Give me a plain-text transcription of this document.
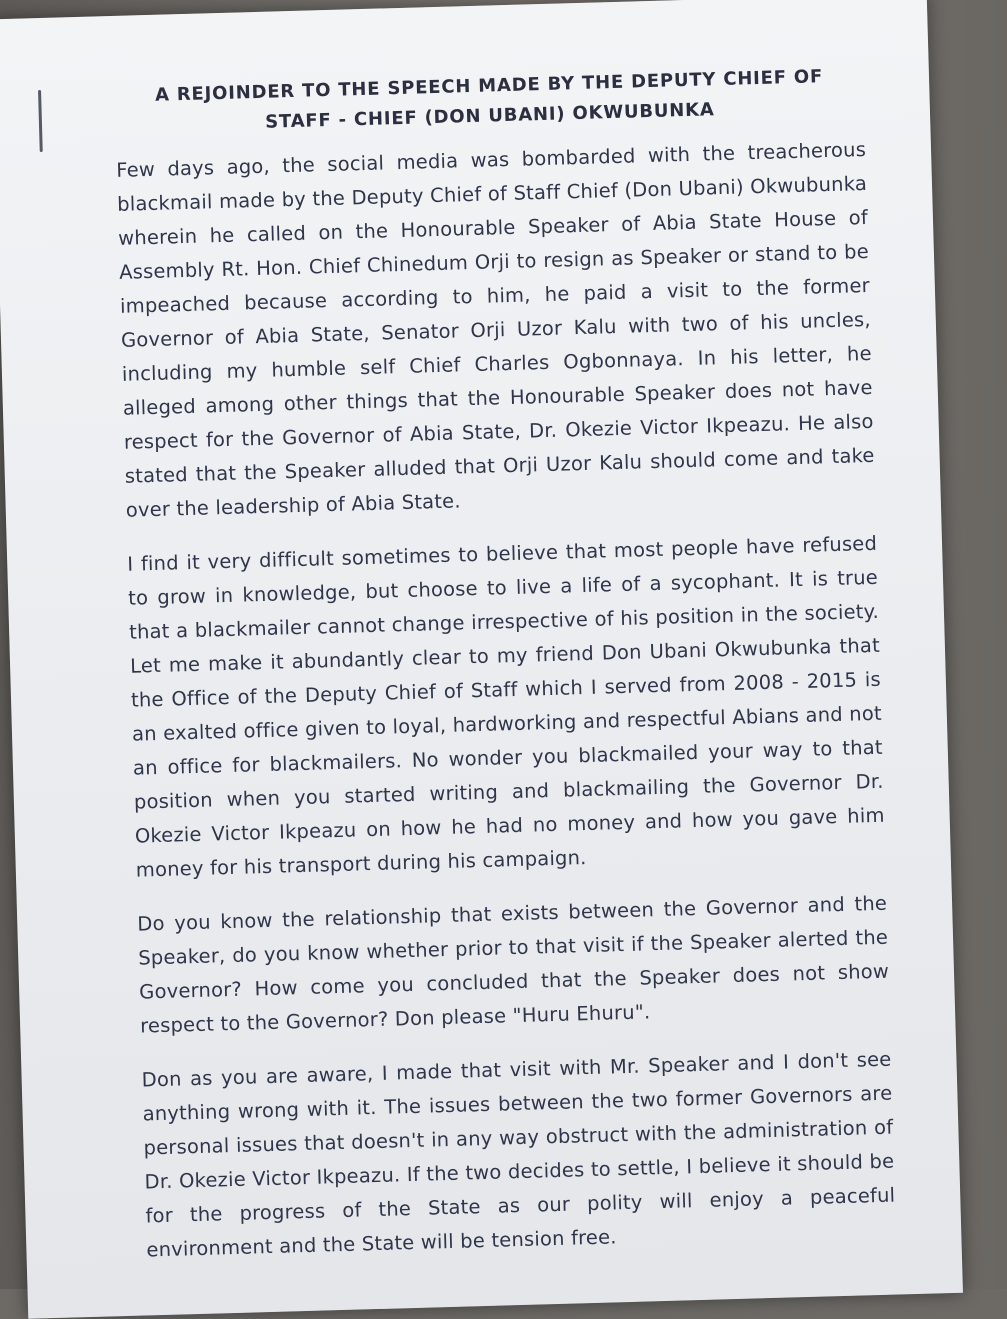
A REJOINDER TO THE SPEECH MADE BY THE DEPUTY CHIEF OF STAFF - CHIEF (DON UBANI) OKWUBUNKA

Few days ago, the social media was bombarded with the treacherous blackmail made by the Deputy Chief of Staff Chief (Don Ubani) Okwubunka wherein he called on the Honourable Speaker of Abia State House of Assembly Rt. Hon. Chief Chinedum Orji to resign as Speaker or stand to be impeached because according to him, he paid a visit to the former Governor of Abia State, Senator Orji Uzor Kalu with two of his uncles, including my humble self Chief Charles Ogbonnaya. In his letter, he alleged among other things that the Honourable Speaker does not have respect for the Governor of Abia State, Dr. Okezie Victor Ikpeazu. He also stated that the Speaker alluded that Orji Uzor Kalu should come and take over the leadership of Abia State.

I find it very difficult sometimes to believe that most people have refused to grow in knowledge, but choose to live a life of a sycophant. It is true that a blackmailer cannot change irrespective of his position in the society. Let me make it abundantly clear to my friend Don Ubani Okwubunka that the Office of the Deputy Chief of Staff which I served from 2008 - 2015 is an exalted office given to loyal, hardworking and respectful Abians and not an office for blackmailers. No wonder you blackmailed your way to that position when you started writing and blackmailing the Governor Dr. Okezie Victor Ikpeazu on how he had no money and how you gave him money for his transport during his campaign.

Do you know the relationship that exists between the Governor and the Speaker, do you know whether prior to that visit if the Speaker alerted the Governor? How come you concluded that the Speaker does not show respect to the Governor? Don please "Huru Ehuru".

Don as you are aware, I made that visit with Mr. Speaker and I don't see anything wrong with it. The issues between the two former Governors are personal issues that doesn't in any way obstruct with the administration of Dr. Okezie Victor Ikpeazu. If the two decides to settle, I believe it should be for the progress of the State as our polity will enjoy a peaceful environment and the State will be tension free.
